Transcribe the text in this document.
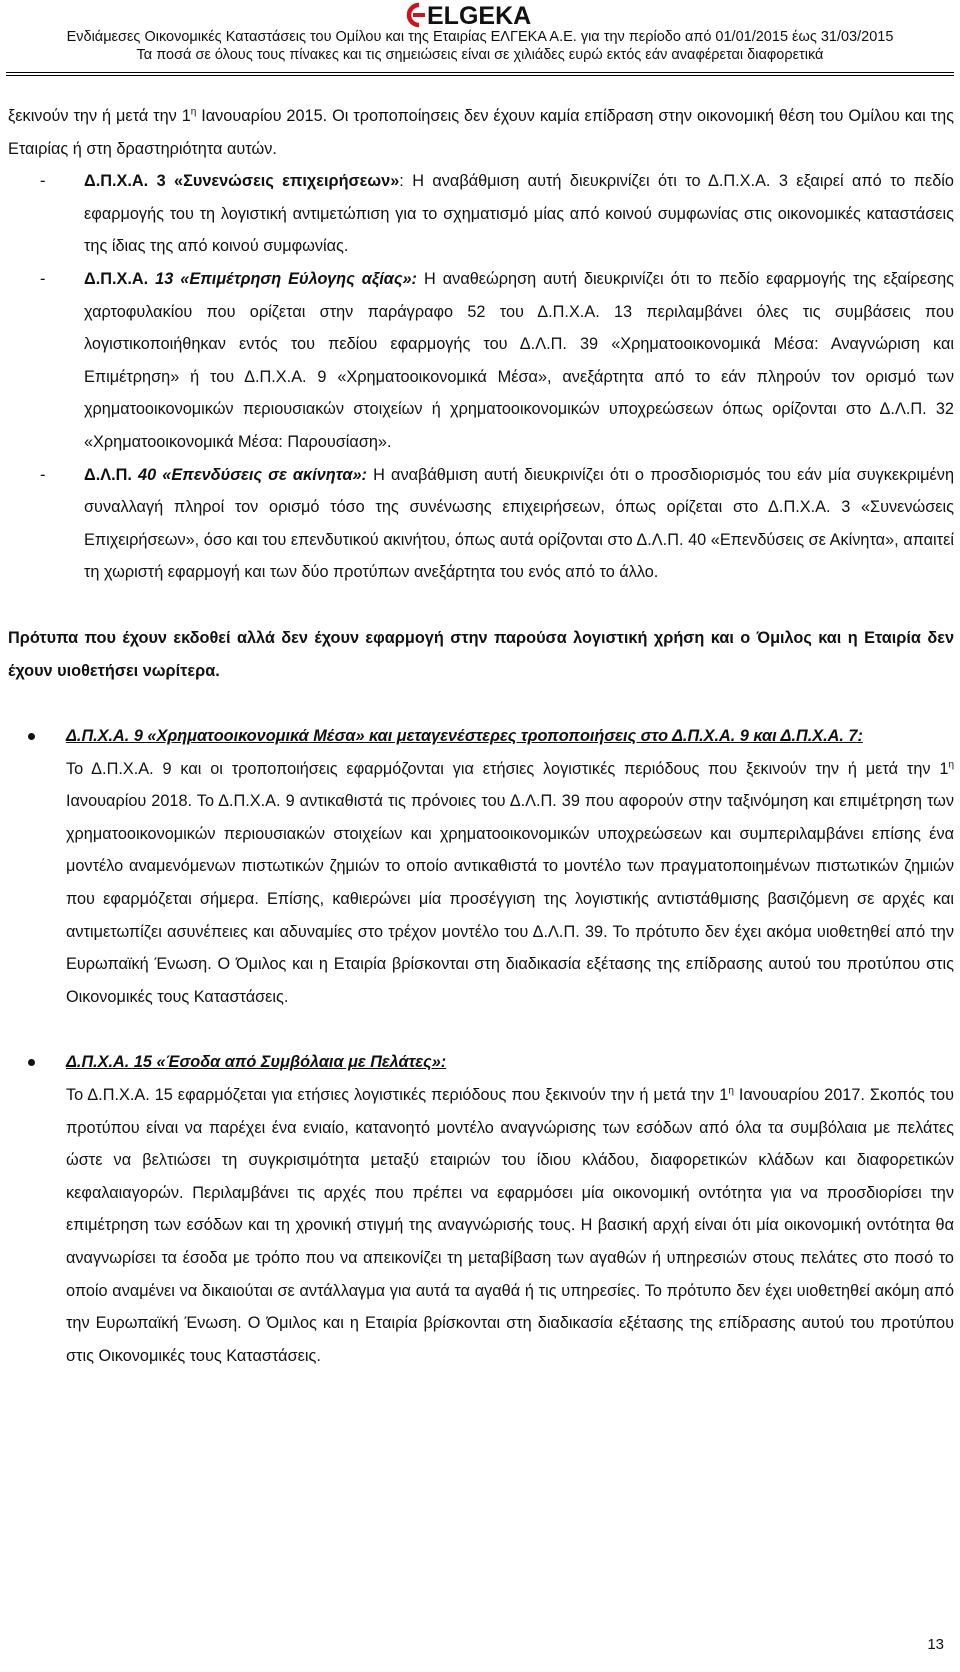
ELGEKA
Ενδιάμεσες Οικονομικές Καταστάσεις του Ομίλου και της Εταιρίας ΕΛΓΕΚΑ Α.Ε. για την περίοδο από 01/01/2015 έως 31/03/2015
Τα ποσά σε όλους τους πίνακες και τις σημειώσεις είναι σε χιλιάδες ευρώ εκτός εάν αναφέρεται διαφορετικά

ξεκινούν την ή μετά την $1^\eta$ Ιανουαρίου 2015. Οι τροποποίησεις δεν έχουν καμία επίδραση στην οικονομική θέση του Ομίλου και της Εταιρίας ή στη δραστηριότητα αυτών.

- Δ.Π.Χ.Α. 3 «Συνενώσεις επιχειρήσεων»: Η αναβάθμιση αυτή διευκρινίζει ότι το Δ.Π.Χ.Α. 3 εξαιρεί από το πεδίο εφαρμογής του τη λογιστική αντιμετώπιση για το σχηματισμό μίας από κοινού συμφωνίας στις οικονομικές καταστάσεις της ίδιας της από κοινού συμφωνίας.
- Δ.Π.Χ.Α. 13 «Επιμέτρηση Εύλογης αξίας»: Η αναθεώρηση αυτή διευκρινίζει ότι το πεδίο εφαρμογής της εξαίρεσης χαρτοφυλακίου που ορίζεται στην παράγραφο 52 του Δ.Π.Χ.Α. 13 περιλαμβάνει όλες τις συμβάσεις που λογιστικοποιήθηκαν εντός του πεδίου εφαρμογής του Δ.Λ.Π. 39 «Χρηματοοικονομικά Μέσα: Αναγνώριση και Επιμέτρηση» ή του Δ.Π.Χ.Α. 9 «Χρηματοοικονομικά Μέσα», ανεξάρτητα από το εάν πληρούν τον ορισμό των χρηματοοικονομικών περιουσιακών στοιχείων ή χρηματοοικονομικών υποχρεώσεων όπως ορίζονται στο Δ.Λ.Π. 32 «Χρηματοοικονομικά Μέσα: Παρουσίαση».
- Δ.Λ.Π. 40 «Επενδύσεις σε ακίνητα»: Η αναβάθμιση αυτή διευκρινίζει ότι ο προσδιορισμός του εάν μία συγκεκριμένη συναλλαγή πληροί τον ορισμό τόσο της συνένωσης επιχειρήσεων, όπως ορίζεται στο Δ.Π.Χ.Α. 3 «Συνενώσεις Επιχειρήσεων», όσο και του επενδυτικού ακινήτου, όπως αυτά ορίζονται στο Δ.Λ.Π. 40 «Επενδύσεις σε Ακίνητα», απαιτεί τη χωριστή εφαρμογή και των δύο προτύπων ανεξάρτητα του ενός από το άλλο.

Πρότυπα που έχουν εκδοθεί αλλά δεν έχουν εφαρμογή στην παρούσα λογιστική χρήση και ο Όμιλος και η Εταιρία δεν έχουν υιοθετήσει νωρίτερα.

Δ.Π.Χ.Α. 9 «Χρηματοοικονομικά Μέσα» και μεταγενέστερες τροποποιήσεις στο Δ.Π.Χ.Α. 9 και Δ.Π.Χ.Α. 7:
Το Δ.Π.Χ.Α. 9 και οι τροποποιήσεις εφαρμόζονται για ετήσιες λογιστικές περιόδους που ξεκινούν την ή μετά την $1^\eta$ Ιανουαρίου 2018. Το Δ.Π.Χ.Α. 9 αντικαθιστά τις πρόνοιες του Δ.Λ.Π. 39 που αφορούν στην ταξινόμηση και επιμέτρηση των χρηματοοικονομικών περιουσιακών στοιχείων και χρηματοοικονομικών υποχρεώσεων και συμπεριλαμβάνει επίσης ένα μοντέλο αναμενόμενων πιστωτικών ζημιών το οποίο αντικαθιστά το μοντέλο των πραγματοποιημένων πιστωτικών ζημιών που εφαρμόζεται σήμερα. Επίσης, καθιερώνει μία προσέγγιση της λογιστικής αντιστάθμισης βασιζόμενη σε αρχές και αντιμετωπίζει ασυνέπειες και αδυναμίες στο τρέχον μοντέλο του Δ.Λ.Π. 39. Το πρότυπο δεν έχει ακόμα υιοθετηθεί από την Ευρωπαϊκή Ένωση. Ο Όμιλος και η Εταιρία βρίσκονται στη διαδικασία εξέτασης της επίδρασης αυτού του προτύπου στις Οικονομικές τους Καταστάσεις.
Δ.Π.Χ.Α. 15 «Έσοδα από Συμβόλαια με Πελάτες»:
Το Δ.Π.Χ.Α. 15 εφαρμόζεται για ετήσιες λογιστικές περιόδους που ξεκινούν την ή μετά την $1^\eta$ Ιανουαρίου 2017. Σκοπός του προτύπου είναι να παρέχει ένα ενιαίο, κατανοητό μοντέλο αναγνώρισης των εσόδων από όλα τα συμβόλαια με πελάτες ώστε να βελτιώσει τη συγκρισιμότητα μεταξύ εταιριών του ίδιου κλάδου, διαφορετικών κλάδων και διαφορετικών κεφαλαιαγορών. Περιλαμβάνει τις αρχές που πρέπει να εφαρμόσει μία οικονομική οντότητα για να προσδιορίσει την επιμέτρηση των εσόδων και τη χρονική στιγμή της αναγνώρισής τους. Η βασική αρχή είναι ότι μία οικονομική οντότητα θα αναγνωρίσει τα έσοδα με τρόπο που να απεικονίζει τη μεταβίβαση των αγαθών ή υπηρεσιών στους πελάτες στο ποσό το οποίο αναμένει να δικαιούται σε αντάλλαγμα για αυτά τα αγαθά ή τις υπηρεσίες. Το πρότυπο δεν έχει υιοθετηθεί ακόμη από την Ευρωπαϊκή Ένωση. Ο Όμιλος και η Εταιρία βρίσκονται στη διαδικασία εξέτασης της επίδρασης αυτού του προτύπου στις Οικονομικές τους Καταστάσεις.
13
